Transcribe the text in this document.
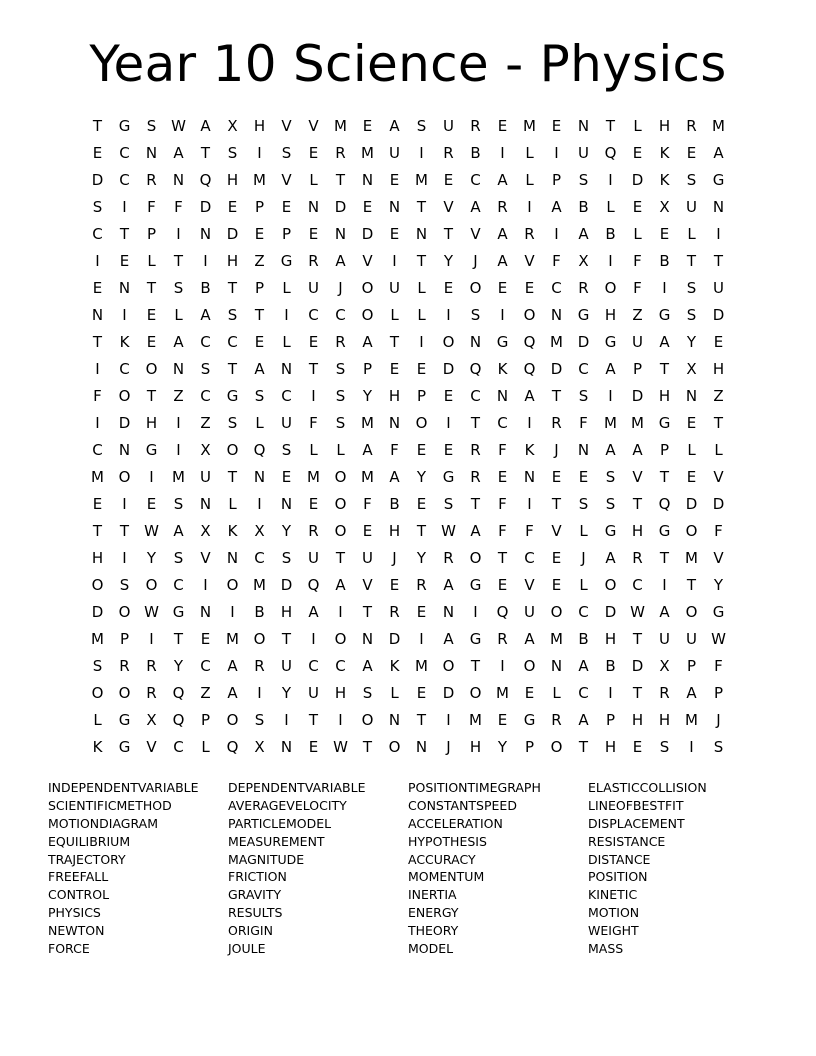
Year 10 Science - Physics
T	G	S W A	X	H	V	V	M	E	A	S	U	R	E	M	E	N	T	L	H	R	M
E	C	N	A	T	S	I	S	E	R	M	U	I	R	B	I	L	I	U	Q	E	K	E	A
D	C	R	N	Q	H M	V	L	T	N	E	M	E	C	A	L	P	S	I	D	K	S	G
S	I	F	F	D	E	P	E	N	D	E	N	T	V	A	R	I	A	B	L	E	X	U	N
C	T	P	I	N	D	E	P	E	N	D	E	N	T	V	A	R	I	A	B	L	E	L	I
I	E	L	T	I	H	Z	G	R	A	V	I	T	Y	J	A	V	F	X	I	F	B	T	T
E	N	T	S	B	T	P	L	U	J	O	U	L	E	O	E	E	C	R	O	F	I	S	U
N	I	E	L	A	S	T	I	C	C	O	L	L	I	S	I	O	N	G	H	Z	G	S	D
T	K	E	A	C	C	E	L	E	R	A	T	I	O	N	G	Q M D	G	U	A	Y	E
I	C	O	N	S	T	A	N	T	S	P	E	E	D	Q	K	Q	D	C	A	P	T	X	H
F	O	T	Z	C	G	S	C	I	S	Y	H	P	E	C	N	A	T	S	I	D	H	N	Z
I	D	H	I	Z	S	L	U	F	S	M N	O	I	T	C	I	R	F	M M G	E	T
C	N	G	I	X	O	Q	S	L	L	A	F	E	E	R	F	K	J	N	A	A	P	L	L
M O	I	M	U	T	N	E	M O M	A	Y	G	R	E	N	E	E	S	V	T	E	V
E	I	E	S	N	L	I	N	E	O	F	B	E	S	T	F	I	T	S	S	T	Q	D	D
T	T	W A	X	K	X	Y	R	O	E	H	T	W A	F	F	V	L	G	H	G	O	F
H	I	Y	S	V	N	C	S	U	T	U	J	Y	R	O	T	C	E	J	A	R	T	M	V
O	S	O	C	I	O M D	Q	A	V	E	R	A	G	E	V	E	L	O	C	I	T	Y
D	O W G	N	I	B	H	A	I	T	R	E	N	I	Q	U	O	C	D W A	O	G
M	P	I	T	E	M O	T	I	O	N	D	I	A	G	R	A	M	B	H	T	U	U W
S	R	R	Y	C	A	R	U	C	C	A	K	M O	T	I	O	N	A	B	D	X	P	F
O	O	R	Q	Z	A	I	Y	U	H	S	L	E	D	O M	E	L	C	I	T	R	A	P
L	G	X	Q	P	O	S	I	T	I	O	N	T	I	M	E	G	R	A	P	H	H M	J
K	G	V	C	L	Q	X	N	E W T	O	N	J	H	Y	P	O	T	H	E	S	I	S
INDEPENDENTVARIABLE	DEPENDENTVARIABLE	POSITIONTIMEGRAPH	ELASTICCOLLISION
SCIENTIFICMETHOD	AVERAGEVELOCITY	CONSTANTSPEED	LINEOFBESTFIT
MOTIONDIAGRAM	PARTICLEMODEL	ACCELERATION	DISPLACEMENT
EQUILIBRIUM	MEASUREMENT	HYPOTHESIS	RESISTANCE
TRAJECTORY	MAGNITUDE	ACCURACY	DISTANCE
FREEFALL	FRICTION	MOMENTUM	POSITION
CONTROL	GRAVITY	INERTIA	KINETIC
PHYSICS	RESULTS	ENERGY	MOTION
NEWTON	ORIGIN	THEORY	WEIGHT
FORCE	JOULE	MODEL	MASS
